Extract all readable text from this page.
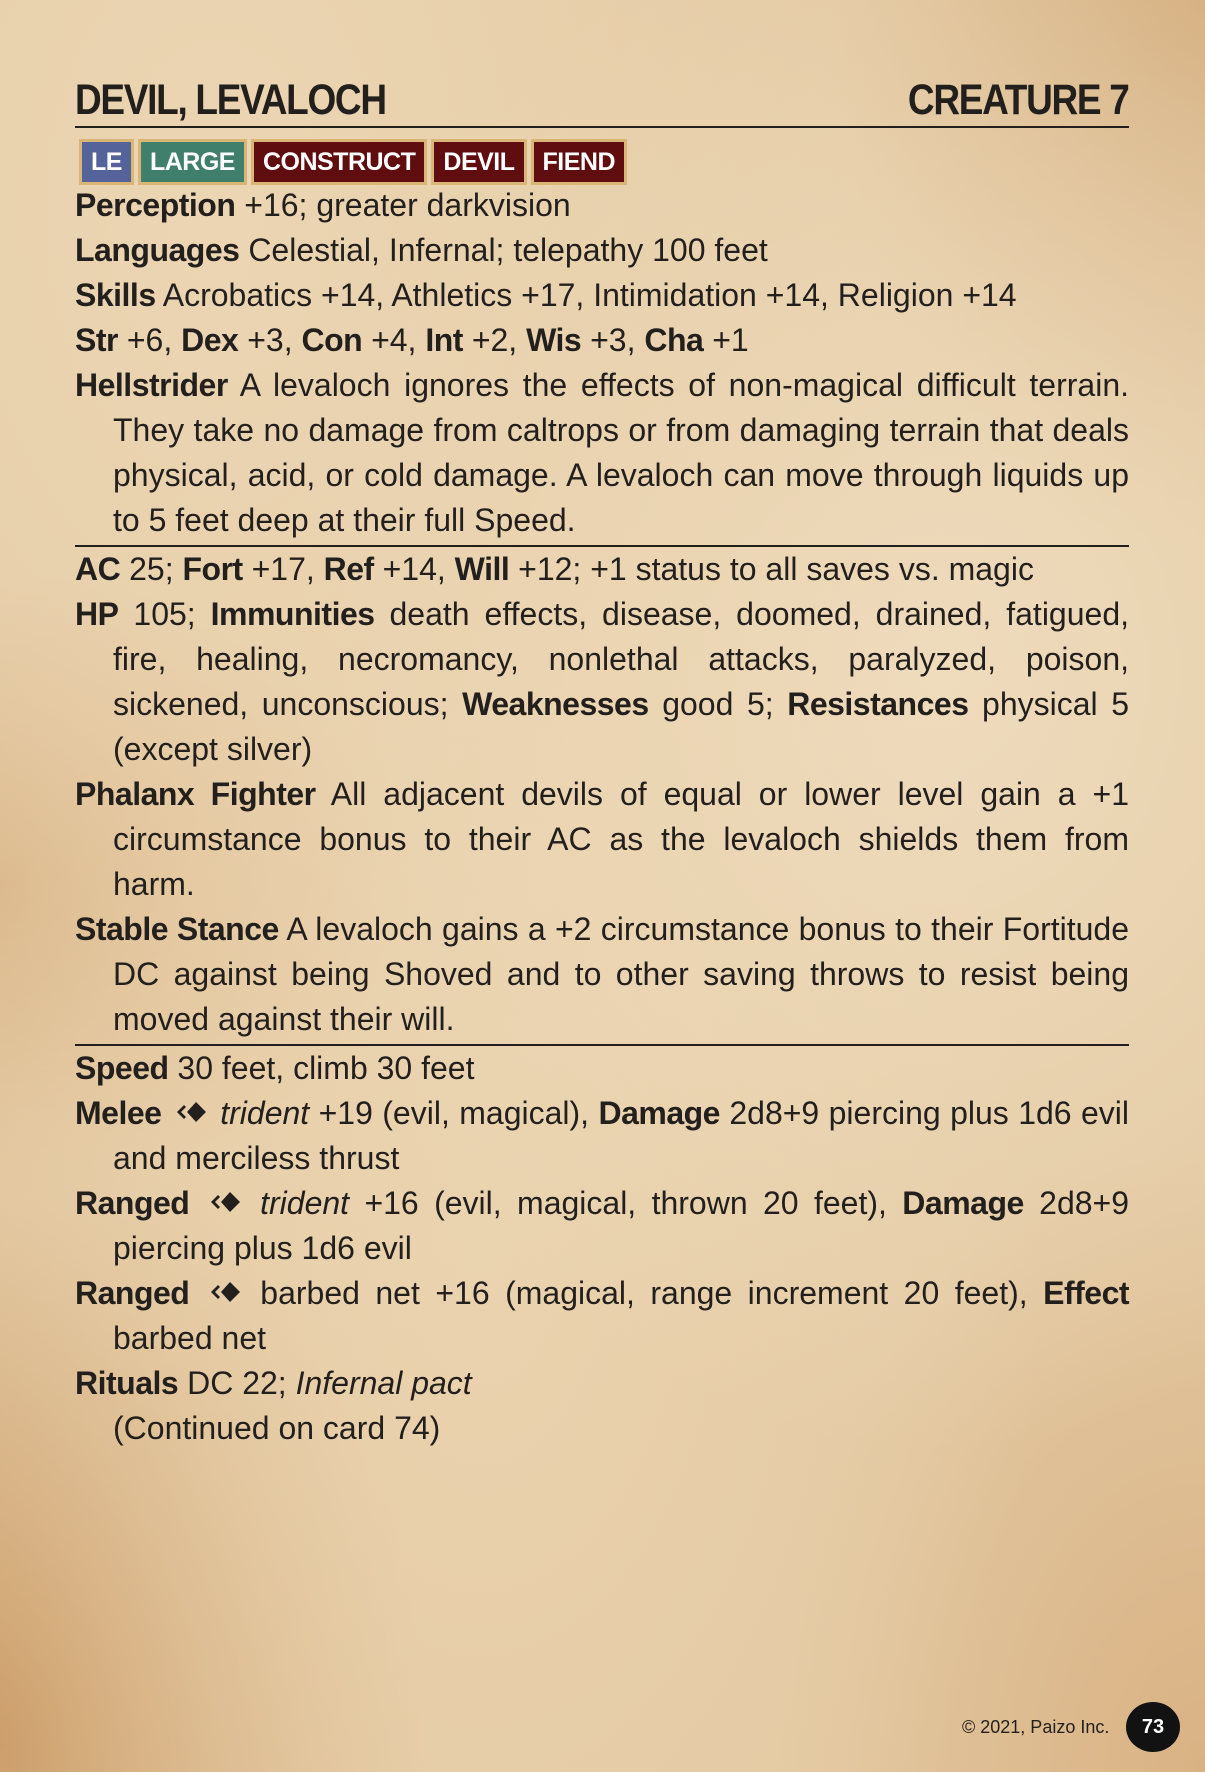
DEVIL, LEVALOCH	CREATURE 7
LE	LARGE	CONSTRUCT	DEVIL	FIEND
Perception +16; greater darkvision
Languages Celestial, Infernal; telepathy 100 feet
Skills Acrobatics +14, Athletics +17, Intimidation +14, Religion +14
Str +6, Dex +3, Con +4, Int +2, Wis +3, Cha +1
Hellstrider A levaloch ignores the effects of non-magical difficult terrain. They take no damage from caltrops or from damaging terrain that deals physical, acid, or cold damage. A levaloch can move through liquids up to 5 feet deep at their full Speed.
AC 25; Fort +17, Ref +14, Will +12; +1 status to all saves vs. magic
HP 105; Immunities death effects, disease, doomed, drained, fatigued, fire, healing, necromancy, nonlethal attacks, paralyzed, poison, sickened, unconscious; Weaknesses good 5; Resistances physical 5 (except silver)
Phalanx Fighter All adjacent devils of equal or lower level gain a +1 circumstance bonus to their AC as the levaloch shields them from harm.
Stable Stance A levaloch gains a +2 circumstance bonus to their Fortitude DC against being Shoved and to other saving throws to resist being moved against their will.
Speed 30 feet, climb 30 feet
Melee trident +19 (evil, magical), Damage 2d8+9 piercing plus 1d6 evil and merciless thrust
Ranged trident +16 (evil, magical, thrown 20 feet), Damage 2d8+9 piercing plus 1d6 evil
Ranged  barbed net +16 (magical, range increment 20 feet), Effect barbed net
Rituals DC 22; Infernal pact
(Continued on card 74)
© 2021, Paizo Inc.	73
